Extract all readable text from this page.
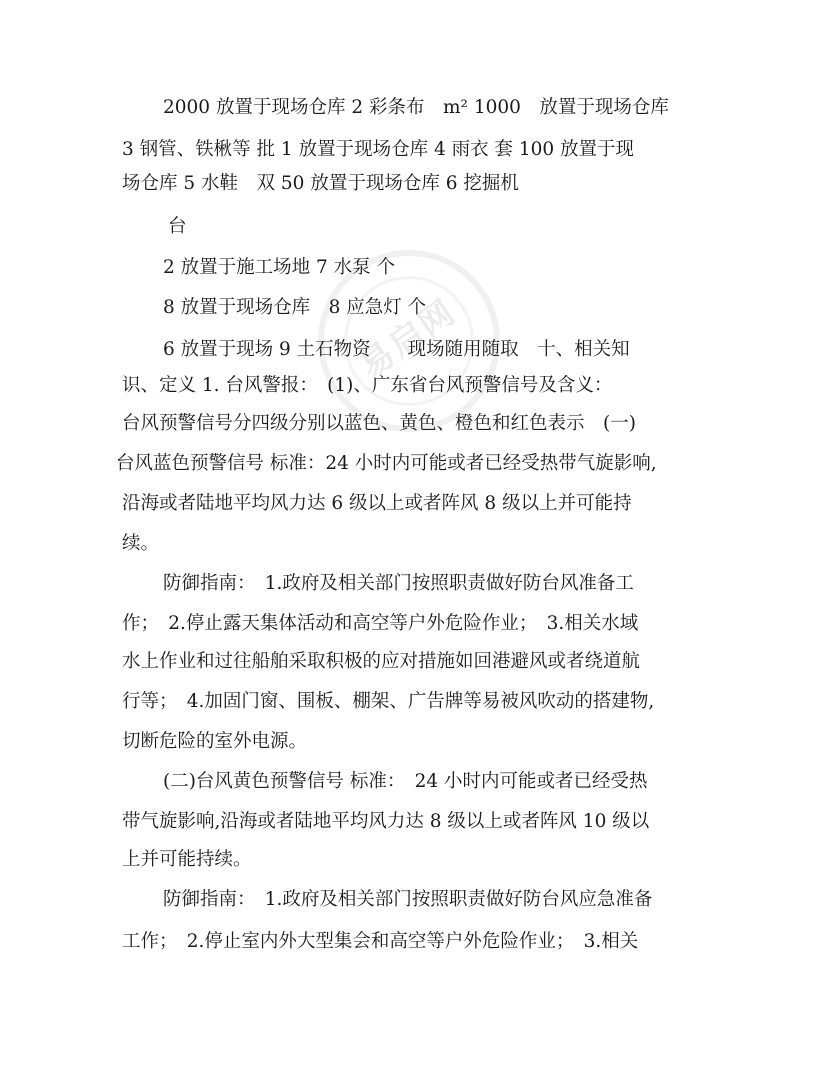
易启网
2000 放置于现场仓库 2 彩条布　m² 1000　放置于现场仓库
3 钢管、铁楸等 批 1 放置于现场仓库 4 雨衣 套 100 放置于现
场仓库 5 水鞋　双 50 放置于现场仓库 6 挖掘机
台
2 放置于施工场地 7 水泵 个
8 放置于现场仓库　8 应急灯 个
6 放置于现场 9 土石物资　　现场随用随取　十、相关知
识、定义 1. 台风警报：　(1)、广东省台风预警信号及含义：
台风预警信号分四级分别以蓝色、黄色、橙色和红色表示　(一)
台风蓝色预警信号 标准：24 小时内可能或者已经受热带气旋影响,
沿海或者陆地平均风力达 6 级以上或者阵风 8 级以上并可能持
续。
防御指南：　1.政府及相关部门按照职责做好防台风准备工
作；　2.停止露天集体活动和高空等户外危险作业；　3.相关水域
水上作业和过往船舶采取积极的应对措施如回港避风或者绕道航
行等；　4.加固门窗、围板、棚架、广告牌等易被风吹动的搭建物,
切断危险的室外电源。
(二)台风黄色预警信号 标准：　24 小时内可能或者已经受热
带气旋影响,沿海或者陆地平均风力达 8 级以上或者阵风 10 级以
上并可能持续。
防御指南：　1.政府及相关部门按照职责做好防台风应急准备
工作；　2.停止室内外大型集会和高空等户外危险作业；　3.相关
